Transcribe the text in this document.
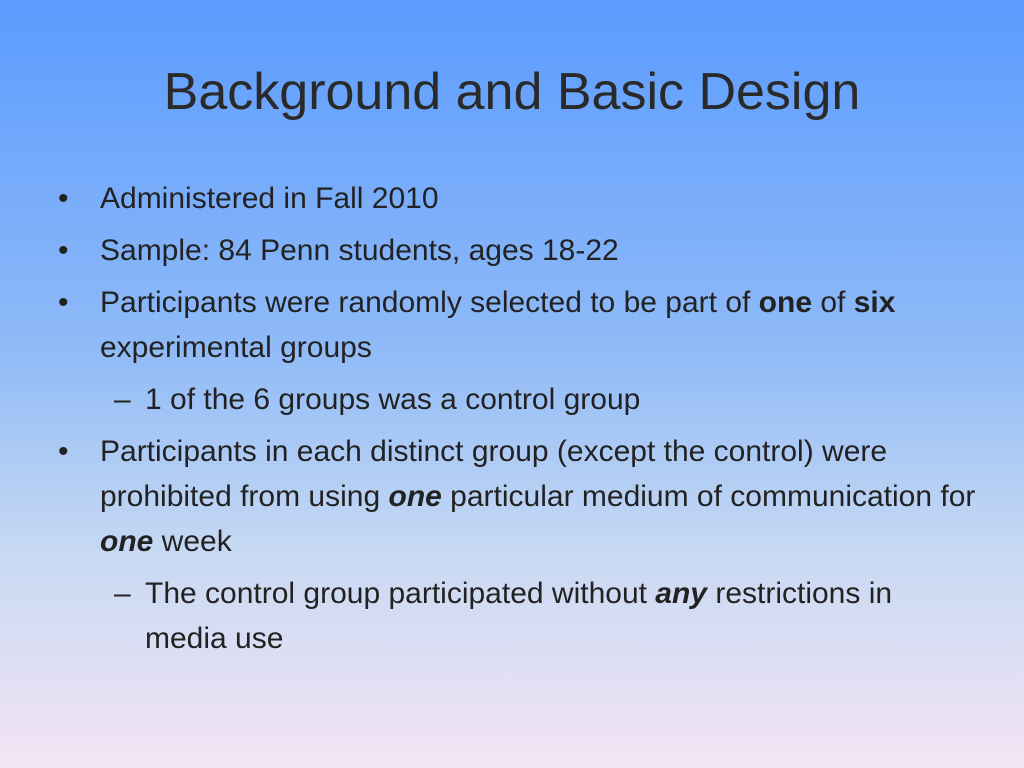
Background and Basic Design
• Administered in Fall 2010
• Sample: 84 Penn students, ages 18-22
• Participants were randomly selected to be part of one of six experimental groups
– 1 of the 6 groups was a control group
• Participants in each distinct group (except the control) were prohibited from using one particular medium of communication for one week
– The control group participated without any restrictions in media use
